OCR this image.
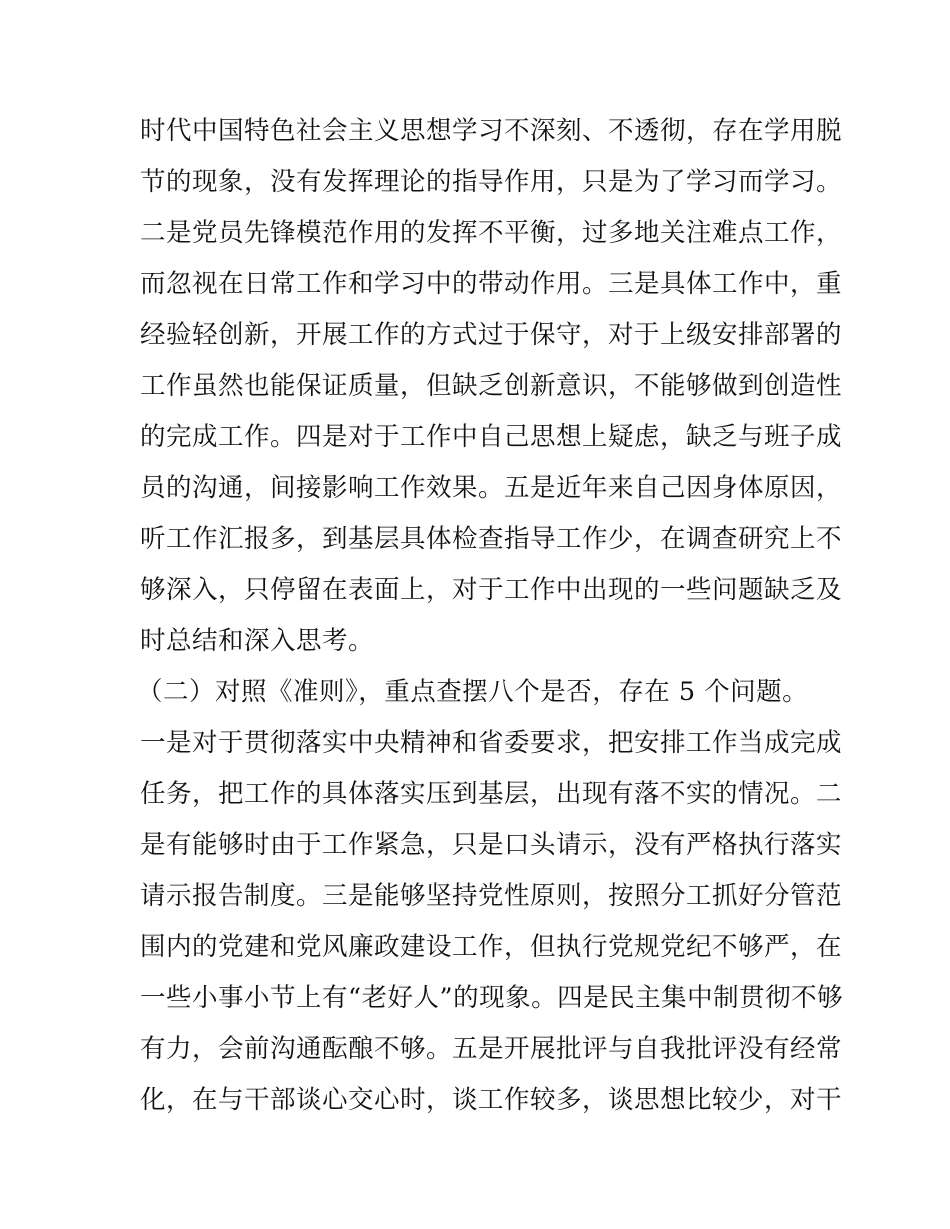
时代中国特色社会主义思想学习不深刻、不透彻，存在学用脱
节的现象，没有发挥理论的指导作用，只是为了学习而学习。
二是党员先锋模范作用的发挥不平衡，过多地关注难点工作，
而忽视在日常工作和学习中的带动作用。三是具体工作中，重
经验轻创新，开展工作的方式过于保守，对于上级安排部署的
工作虽然也能保证质量，但缺乏创新意识，不能够做到创造性
的完成工作。四是对于工作中自己思想上疑虑，缺乏与班子成
员的沟通，间接影响工作效果。五是近年来自己因身体原因，
听工作汇报多，到基层具体检查指导工作少，在调查研究上不
够深入，只停留在表面上，对于工作中出现的一些问题缺乏及
时总结和深入思考。
（二）对照《准则》，重点查摆八个是否，存在 5 个问题。
一是对于贯彻落实中央精神和省委要求，把安排工作当成完成
任务，把工作的具体落实压到基层，出现有落不实的情况。二
是有能够时由于工作紧急，只是口头请示，没有严格执行落实
请示报告制度。三是能够坚持党性原则，按照分工抓好分管范
围内的党建和党风廉政建设工作，但执行党规党纪不够严，在
一些小事小节上有“老好人”的现象。四是民主集中制贯彻不够
有力，会前沟通酝酿不够。五是开展批评与自我批评没有经常
化，在与干部谈心交心时，谈工作较多，谈思想比较少，对干
